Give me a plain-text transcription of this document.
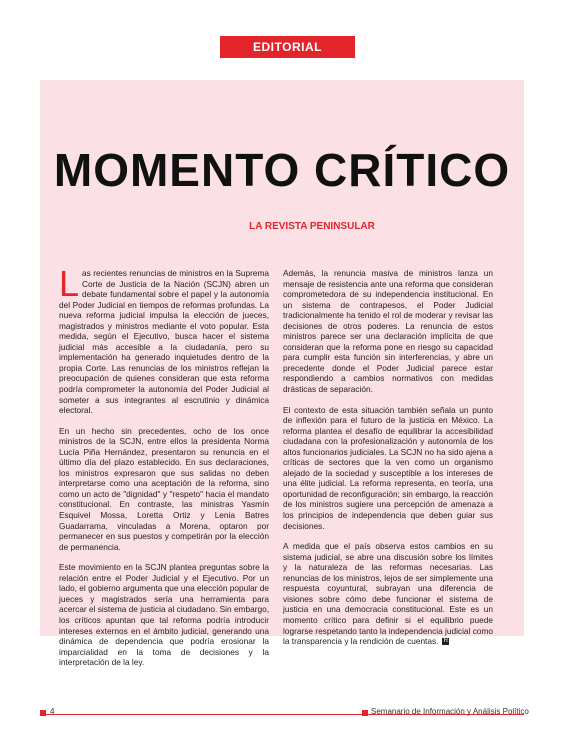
EDITORIAL
MOMENTO CRÍTICO
LA REVISTA PENINSULAR

Las recientes renuncias de ministros en la Suprema Corte de Justicia de la Nación (SCJN) abren un debate fundamental sobre el papel y la autonomía del Poder Judicial en tiempos de reformas profundas. La nueva reforma judicial impulsa la elección de jueces, magistrados y ministros mediante el voto popular. Esta medida, según el Ejecutivo, busca hacer el sistema judicial más accesible a la ciudadanía, pero su implementación ha generado inquietudes dentro de la propia Corte. Las renuncias de los ministros reflejan la preocupación de quienes consideran que esta reforma podría comprometer la autonomía del Poder Judicial al someter a sus integrantes al escrutinio y dinámica electoral.

En un hecho sin precedentes, ocho de los once ministros de la SCJN, entre ellos la presidenta Norma Lucía Piña Hernández, presentaron su renuncia en el último día del plazo establecido. En sus declaraciones, los ministros expresaron que sus salidas no deben interpretarse como una aceptación de la reforma, sino como un acto de "dignidad" y "respeto" hacia el mandato constitucional. En contraste, las ministras Yasmín Esquivel Mossa, Loretta Ortiz y Lenia Batres Guadarrama, vinculadas a Morena, optaron por permanecer en sus puestos y competirán por la elección de permanencia.

Este movimiento en la SCJN plantea preguntas sobre la relación entre el Poder Judicial y el Ejecutivo. Por un lado, el gobierno argumenta que una elección popular de jueces y magistrados sería una herramienta para acercar el sistema de justicia al ciudadano. Sin embargo, los críticos apuntan que tal reforma podría introducir intereses externos en el ámbito judicial, generando una dinámica de dependencia que podría erosionar la imparcialidad en la toma de decisiones y la interpretación de la ley.

Además, la renuncia masiva de ministros lanza un mensaje de resistencia ante una reforma que consideran comprometedora de su independencia institucional. En un sistema de contrapesos, el Poder Judicial tradicionalmente ha tenido el rol de moderar y revisar las decisiones de otros poderes. La renuncia de estos ministros parece ser una declaración implícita de que consideran que la reforma pone en riesgo su capacidad para cumplir esta función sin interferencias, y abre un precedente donde el Poder Judicial parece estar respondiendo a cambios normativos con medidas drásticas de separación.

El contexto de esta situación también señala un punto de inflexión para el futuro de la justicia en México. La reforma plantea el desafío de equilibrar la accesibilidad ciudadana con la profesionalización y autonomía de los altos funcionarios judiciales. La SCJN no ha sido ajena a críticas de sectores que la ven como un organismo alejado de la sociedad y susceptible a los intereses de una élite judicial. La reforma representa, en teoría, una oportunidad de reconfiguración; sin embargo, la reacción de los ministros sugiere una percepción de amenaza a los principios de independencia que deben guiar sus decisiones.

A medida que el país observa estos cambios en su sistema judicial, se abre una discusión sobre los límites y la naturaleza de las reformas necesarias. Las renuncias de los ministros, lejos de ser simplemente una respuesta coyuntural, subrayan una diferencia de visiones sobre cómo debe funcionar el sistema de justicia en una democracia constitucional. Este es un momento crítico para definir si el equilibrio puede lograrse respetando tanto la independencia judicial como la transparencia y la rendición de cuentas. R

4	Semanario de Información y Análisis Político
